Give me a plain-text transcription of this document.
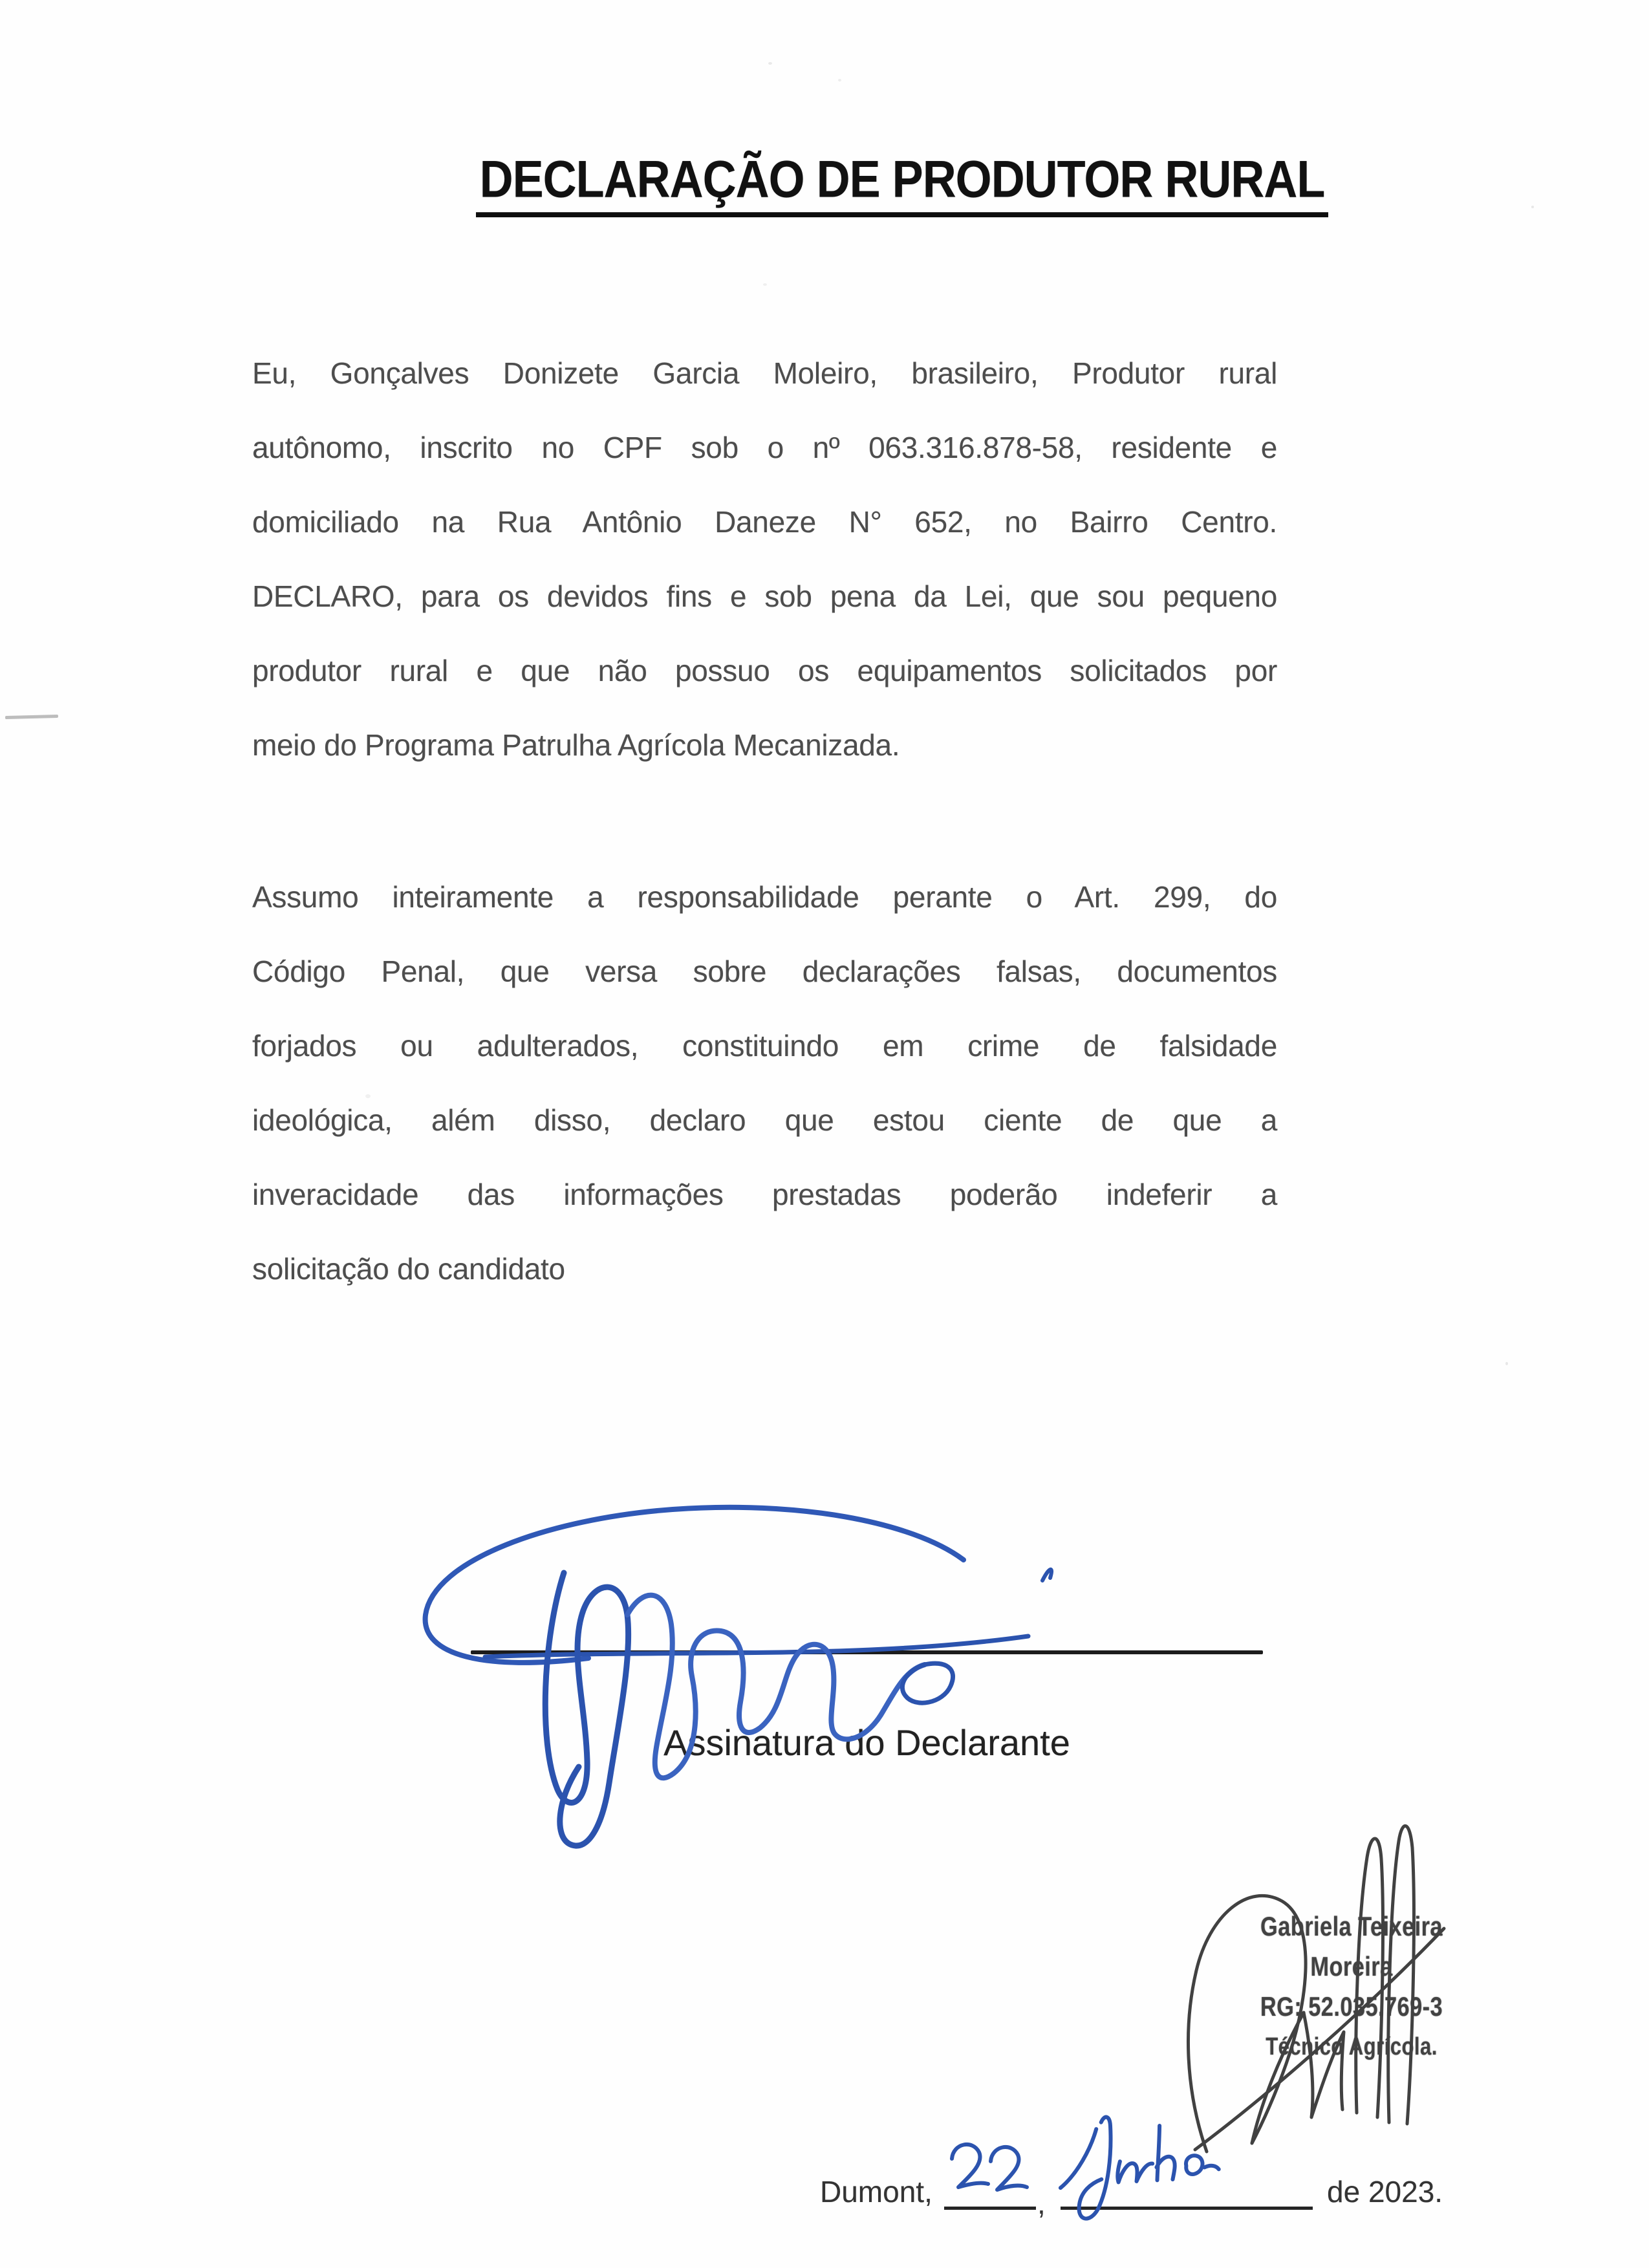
DECLARAÇÃO DE PRODUTOR RURAL
Eu, Gonçalves Donizete Garcia Moleiro, brasileiro, Produtor rural
autônomo, inscrito no CPF sob o nº 063.316.878-58, residente e
domiciliado na Rua Antônio Daneze N° 652, no Bairro Centro.
DECLARO, para os devidos fins e sob pena da Lei, que sou pequeno
produtor rural e que não possuo os equipamentos solicitados por
meio do Programa Patrulha Agrícola Mecanizada.
Assumo inteiramente a responsabilidade perante o Art. 299, do
Código Penal, que versa sobre declarações falsas, documentos
forjados ou adulterados, constituindo em crime de falsidade
ideológica, além disso, declaro que estou ciente de que a
inveracidade das informações prestadas poderão indeferir a
solicitação do candidato
Assinatura do Declarante
Gabriela Teixeira Moreira
RG: 52.035.769-3
Técnico Agrícola.
Dumont,	,	de 2023.
